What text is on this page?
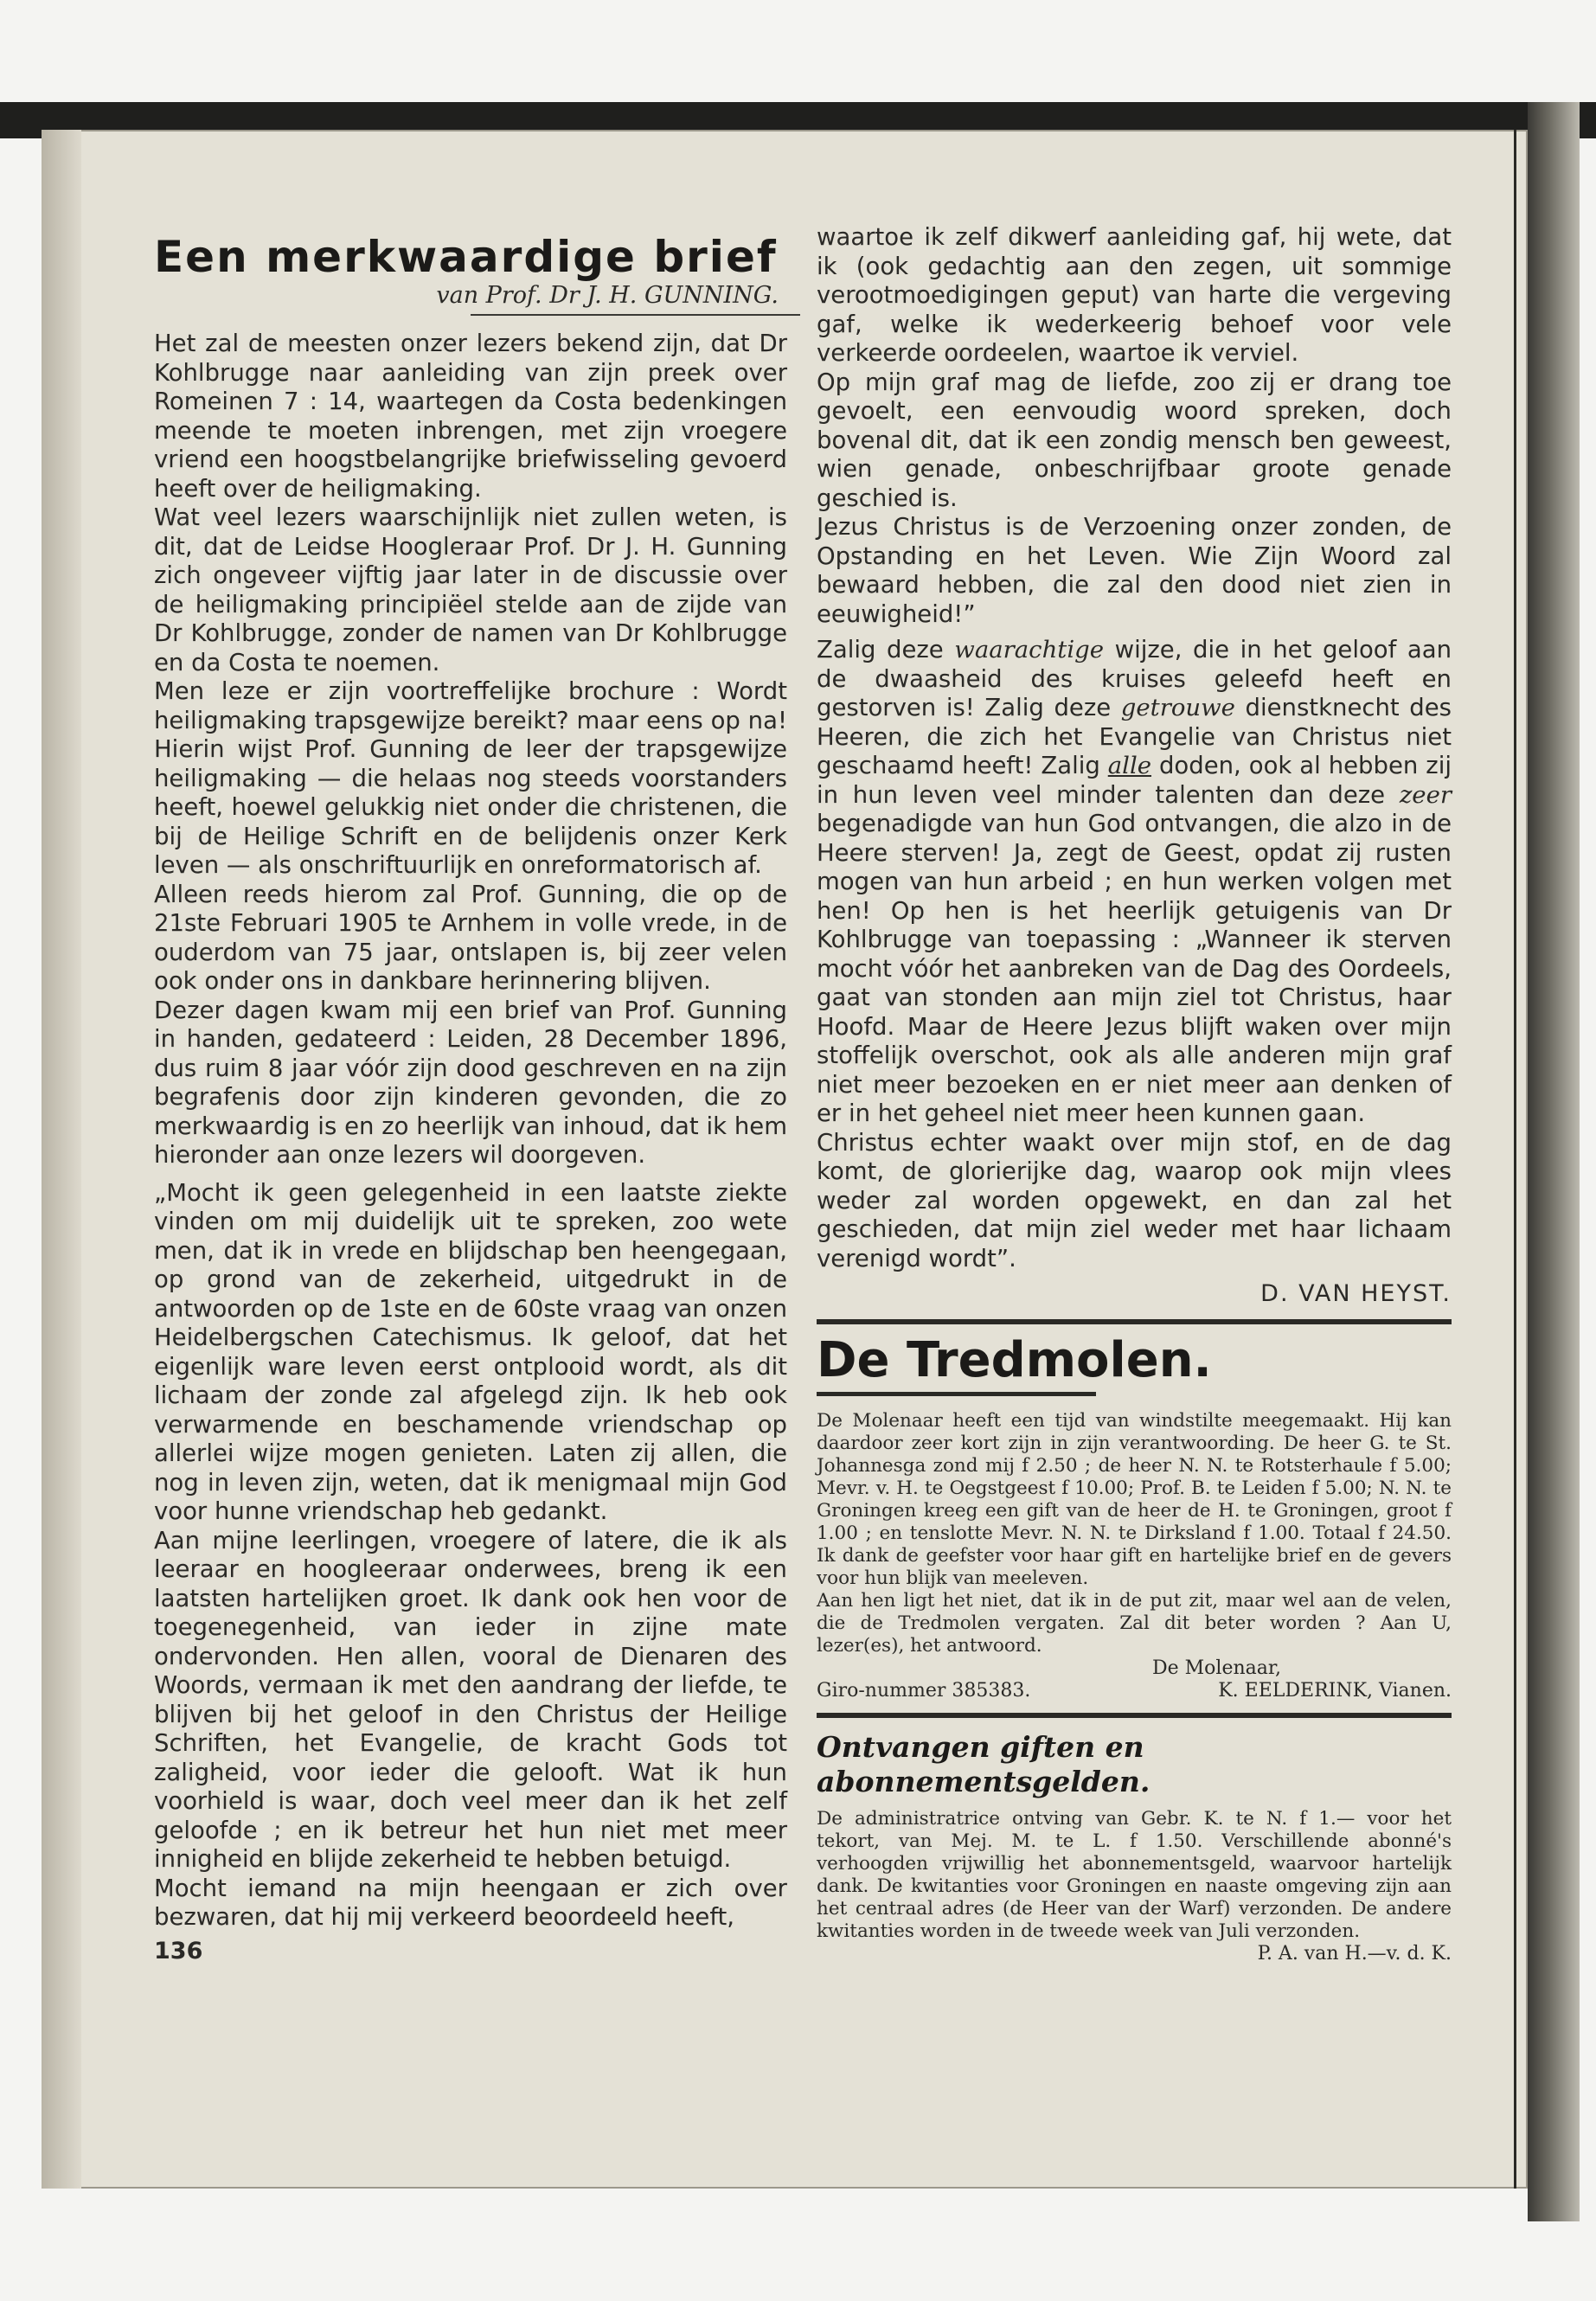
Een merkwaardige brief
van Prof. Dr J. H. GUNNING.

Het zal de meesten onzer lezers bekend zijn, dat Dr Kohlbrugge naar aanleiding van zijn preek over Romeinen 7 : 14, waartegen da Costa bedenkingen meende te moeten inbrengen, met zijn vroegere vriend een hoogstbelangrijke briefwisseling gevoerd heeft over de heiligmaking.

Wat veel lezers waarschijnlijk niet zullen weten, is dit, dat de Leidse Hoogleraar Prof. Dr J. H. Gunning zich ongeveer vijftig jaar later in de discussie over de heiligmaking principiëel stelde aan de zijde van Dr Kohlbrugge, zonder de namen van Dr Kohlbrugge en da Costa te noemen.

Men leze er zijn voortreffelijke brochure : Wordt heiligmaking trapsgewijze bereikt? maar eens op na! Hierin wijst Prof. Gunning de leer der trapsgewijze heiligmaking — die helaas nog steeds voorstanders heeft, hoewel gelukkig niet onder die christenen, die bij de Heilige Schrift en de belijdenis onzer Kerk leven — als onschriftuurlijk en onreformatorisch af.

Alleen reeds hierom zal Prof. Gunning, die op de 21ste Februari 1905 te Arnhem in volle vrede, in de ouderdom van 75 jaar, ontslapen is, bij zeer velen ook onder ons in dankbare herinnering blijven.

Dezer dagen kwam mij een brief van Prof. Gunning in handen, gedateerd : Leiden, 28 December 1896, dus ruim 8 jaar vóór zijn dood geschreven en na zijn begrafenis door zijn kinderen gevonden, die zo merkwaardig is en zo heerlijk van inhoud, dat ik hem hieronder aan onze lezers wil doorgeven.

„Mocht ik geen gelegenheid in een laatste ziekte vinden om mij duidelijk uit te spreken, zoo wete men, dat ik in vrede en blijdschap ben heengegaan, op grond van de zekerheid, uitgedrukt in de antwoorden op de 1ste en de 60ste vraag van onzen Heidelbergschen Catechismus. Ik geloof, dat het eigenlijk ware leven eerst ontplooid wordt, als dit lichaam der zonde zal afgelegd zijn. Ik heb ook verwarmende en beschamende vriendschap op allerlei wijze mogen genieten. Laten zij allen, die nog in leven zijn, weten, dat ik menigmaal mijn God voor hunne vriendschap heb gedankt.

Aan mijne leerlingen, vroegere of latere, die ik als leeraar en hoogleeraar onderwees, breng ik een laatsten hartelijken groet. Ik dank ook hen voor de toegenegenheid, van ieder in zijne mate ondervonden. Hen allen, vooral de Dienaren des Woords, vermaan ik met den aandrang der liefde, te blijven bij het geloof in den Christus der Heilige Schriften, het Evangelie, de kracht Gods tot zaligheid, voor ieder die gelooft. Wat ik hun voorhield is waar, doch veel meer dan ik het zelf geloofde ; en ik betreur het hun niet met meer innigheid en blijde zekerheid te hebben betuigd.

Mocht iemand na mijn heengaan er zich over bezwaren, dat hij mij verkeerd beoordeeld heeft,

136

waartoe ik zelf dikwerf aanleiding gaf, hij wete, dat ik (ook gedachtig aan den zegen, uit sommige verootmoedigingen geput) van harte die vergeving gaf, welke ik wederkeerig behoef voor vele verkeerde oordeelen, waartoe ik verviel.

Op mijn graf mag de liefde, zoo zij er drang toe gevoelt, een eenvoudig woord spreken, doch bovenal dit, dat ik een zondig mensch ben geweest, wien genade, onbeschrijfbaar groote genade geschied is.

Jezus Christus is de Verzoening onzer zonden, de Opstanding en het Leven. Wie Zijn Woord zal bewaard hebben, die zal den dood niet zien in eeuwigheid!”

Zalig deze waarachtige wijze, die in het geloof aan de dwaasheid des kruises geleefd heeft en gestorven is! Zalig deze getrouwe dienstknecht des Heeren, die zich het Evangelie van Christus niet geschaamd heeft! Zalig alle doden, ook al hebben zij in hun leven veel minder talenten dan deze zeer begenadigde van hun God ontvangen, die alzo in de Heere sterven! Ja, zegt de Geest, opdat zij rusten mogen van hun arbeid ; en hun werken volgen met hen! Op hen is het heerlijk getuigenis van Dr Kohlbrugge van toepassing : „Wanneer ik sterven mocht vóór het aanbreken van de Dag des Oordeels, gaat van stonden aan mijn ziel tot Christus, haar Hoofd. Maar de Heere Jezus blijft waken over mijn stoffelijk overschot, ook als alle anderen mijn graf niet meer bezoeken en er niet meer aan denken of er in het geheel niet meer heen kunnen gaan.

Christus echter waakt over mijn stof, en de dag komt, de glorierijke dag, waarop ook mijn vlees weder zal worden opgewekt, en dan zal het geschieden, dat mijn ziel weder met haar lichaam verenigd wordt”.

D. VAN HEYST.
De Tredmolen.

De Molenaar heeft een tijd van windstilte meegemaakt. Hij kan daardoor zeer kort zijn in zijn verantwoording. De heer G. te St. Johannesga zond mij f 2.50 ; de heer N. N. te Rotsterhaule f 5.00; Mevr. v. H. te Oegstgeest f 10.00; Prof. B. te Leiden f 5.00; N. N. te Groningen kreeg een gift van de heer de H. te Groningen, groot f 1.00 ; en tenslotte Mevr. N. N. te Dirksland f 1.00. Totaal f 24.50. Ik dank de geefster voor haar gift en hartelijke brief en de gevers voor hun blijk van meeleven.

Aan hen ligt het niet, dat ik in de put zit, maar wel aan de velen, die de Tredmolen vergaten. Zal dit beter worden ? Aan U, lezer(es), het antwoord.

De Molenaar,
Giro-nummer 385383.	K. EELDERINK, Vianen.
Ontvangen giften en abonnementsgelden.

De administratrice ontving van Gebr. K. te N. f 1.— voor het tekort, van Mej. M. te L. f 1.50. Verschillende abonné's verhoogden vrijwillig het abonnementsgeld, waarvoor hartelijk dank. De kwitanties voor Groningen en naaste omgeving zijn aan het centraal adres (de Heer van der Warf) verzonden. De andere kwitanties worden in de tweede week van Juli verzonden.

P. A. van H.—v. d. K.
